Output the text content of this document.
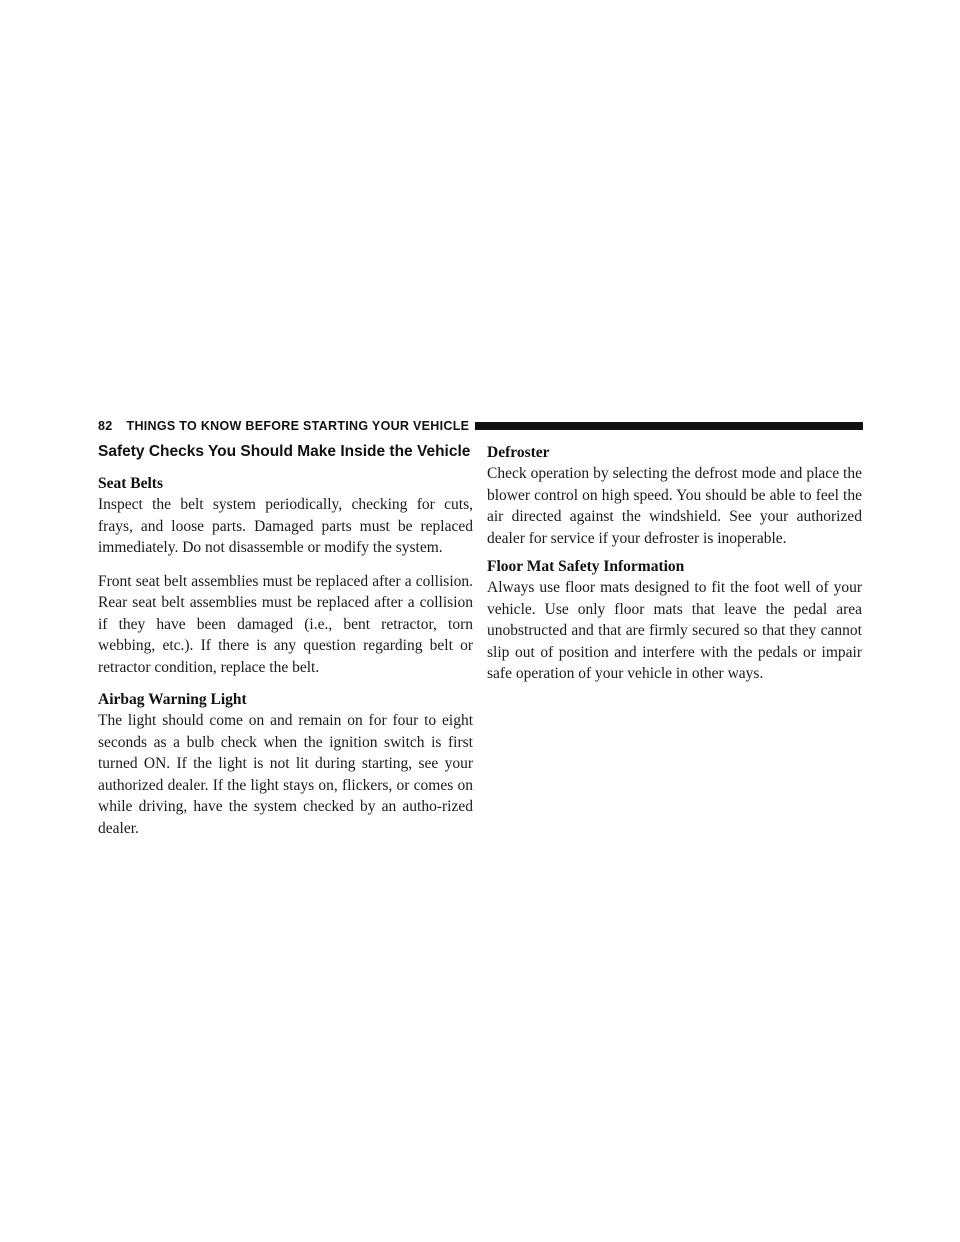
82 THINGS TO KNOW BEFORE STARTING YOUR VEHICLE
Safety Checks You Should Make Inside the Vehicle
Seat Belts

Inspect the belt system periodically, checking for cuts, frays, and loose parts. Damaged parts must be replaced immediately. Do not disassemble or modify the system.

Front seat belt assemblies must be replaced after a collision. Rear seat belt assemblies must be replaced after a collision if they have been damaged (i.e., bent retractor, torn webbing, etc.). If there is any question regarding belt or retractor condition, replace the belt.

Airbag Warning Light

The light should come on and remain on for four to eight seconds as a bulb check when the ignition switch is first turned ON. If the light is not lit during starting, see your authorized dealer. If the light stays on, flickers, or comes on while driving, have the system checked by an autho-rized dealer.

Defroster

Check operation by selecting the defrost mode and place the blower control on high speed. You should be able to feel the air directed against the windshield. See your authorized dealer for service if your defroster is inoperable.

Floor Mat Safety Information

Always use floor mats designed to fit the foot well of your vehicle. Use only floor mats that leave the pedal area unobstructed and that are firmly secured so that they cannot slip out of position and interfere with the pedals or impair safe operation of your vehicle in other ways.
